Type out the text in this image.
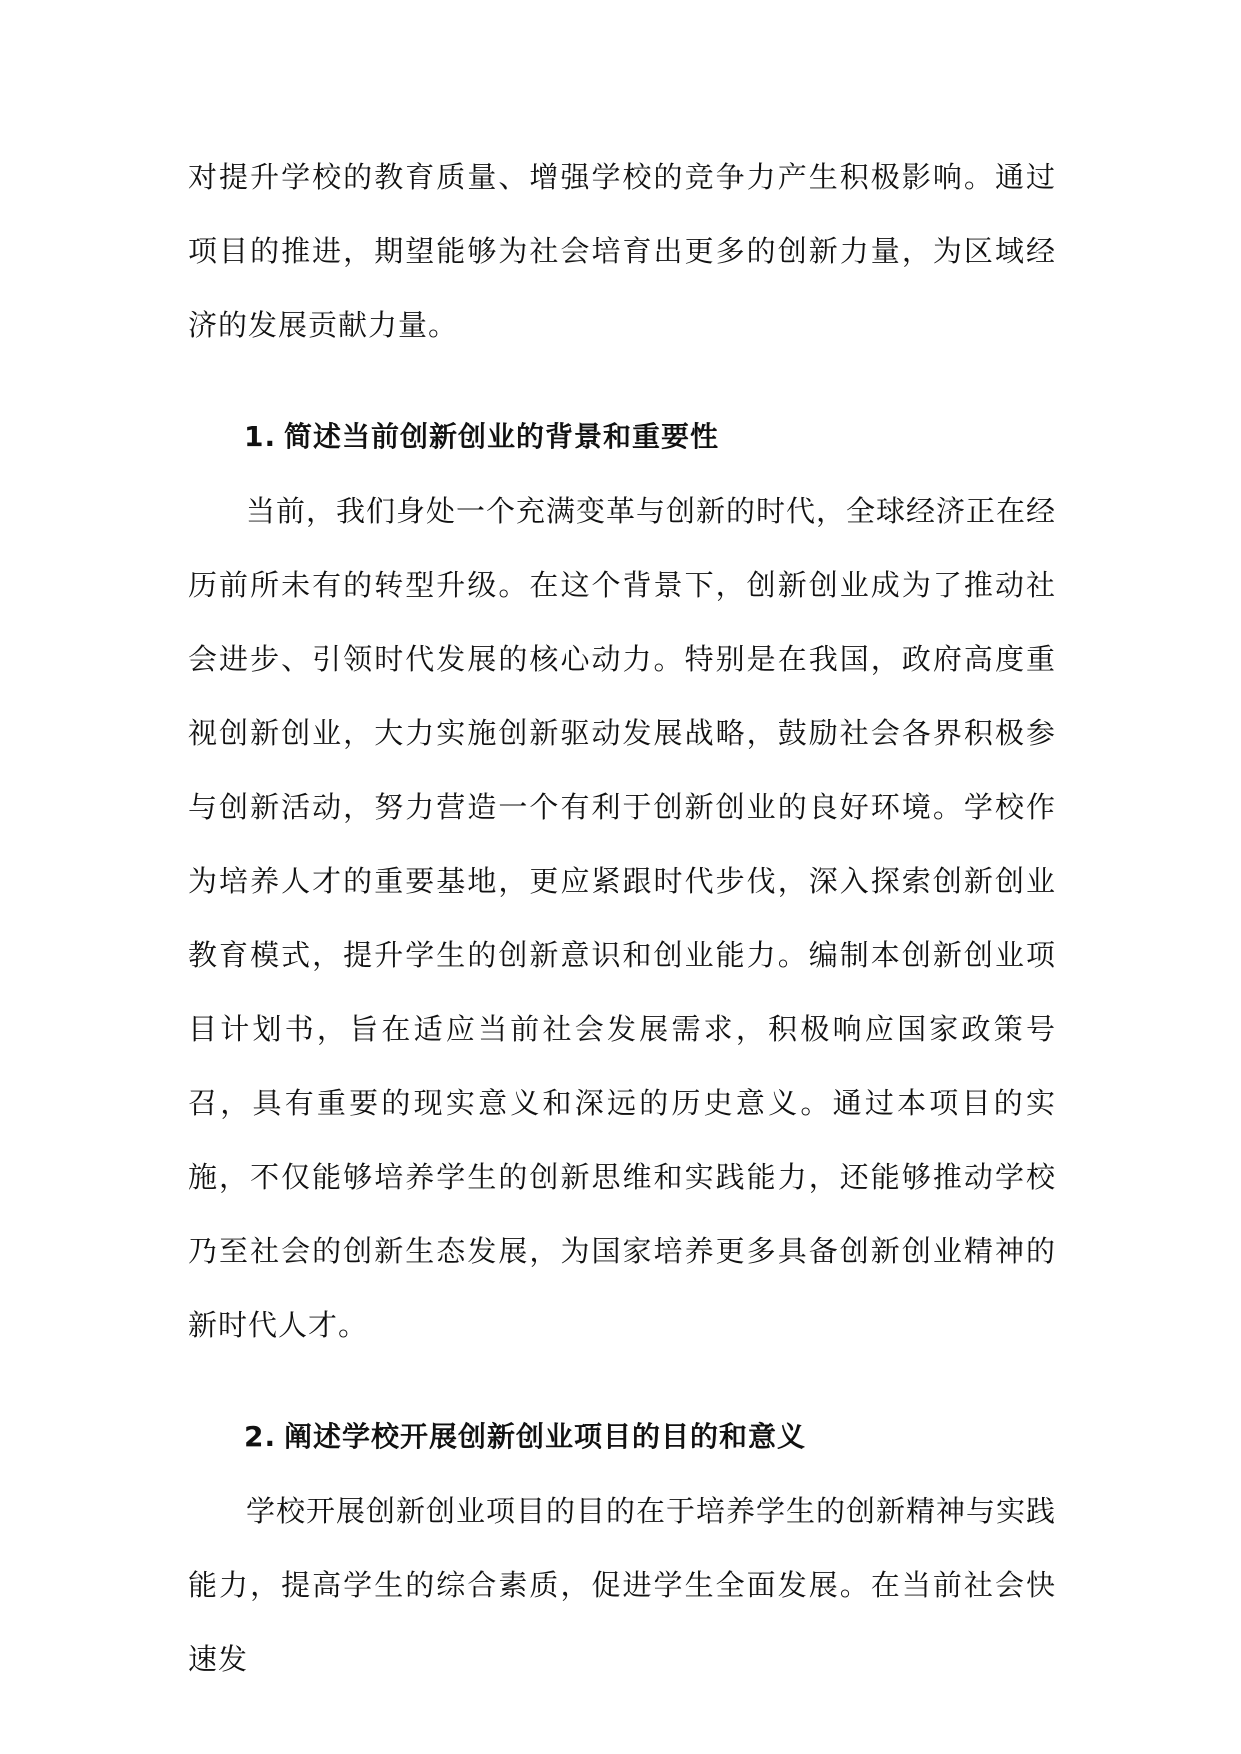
对提升学校的教育质量、增强学校的竞争力产生积极影响。通过项目的推进，期望能够为社会培育出更多的创新力量，为区域经济的发展贡献力量。

1. 简述当前创新创业的背景和重要性

当前，我们身处一个充满变革与创新的时代，全球经济正在经历前所未有的转型升级。在这个背景下，创新创业成为了推动社会进步、引领时代发展的核心动力。特别是在我国，政府高度重视创新创业，大力实施创新驱动发展战略，鼓励社会各界积极参与创新活动，努力营造一个有利于创新创业的良好环境。学校作为培养人才的重要基地，更应紧跟时代步伐，深入探索创新创业教育模式，提升学生的创新意识和创业能力。编制本创新创业项目计划书，旨在适应当前社会发展需求，积极响应国家政策号召，具有重要的现实意义和深远的历史意义。通过本项目的实施，不仅能够培养学生的创新思维和实践能力，还能够推动学校乃至社会的创新生态发展，为国家培养更多具备创新创业精神的新时代人才。

2. 阐述学校开展创新创业项目的目的和意义

学校开展创新创业项目的目的在于培养学生的创新精神与实践能力，提高学生的综合素质，促进学生全面发展。在当前社会快速发
